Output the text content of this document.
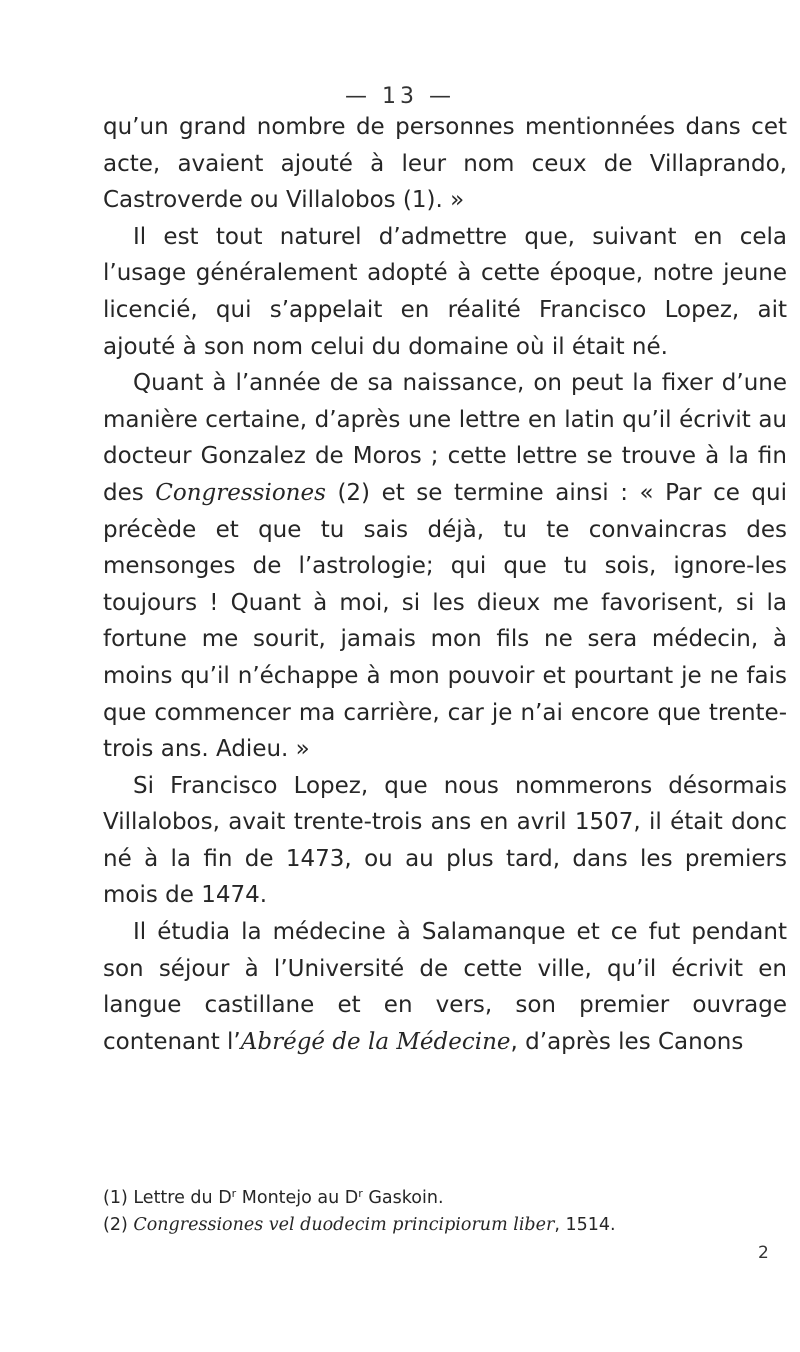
— 13 —

qu’un grand nombre de personnes mentionnées dans cet acte, avaient ajouté à leur nom ceux de Villaprando, Castroverde ou Villalobos (1). »

Il est tout naturel d’admettre que, suivant en cela l’usage généralement adopté à cette époque, notre jeune licencié, qui s’appelait en réalité Francisco Lopez, ait ajouté à son nom celui du domaine où il était né.

Quant à l’année de sa naissance, on peut la fixer d’une manière certaine, d’après une lettre en latin qu’il écrivit au docteur Gonzalez de Moros ; cette lettre se trouve à la fin des Congressiones (2) et se termine ainsi : « Par ce qui précède et que tu sais déjà, tu te convaincras des mensonges de l’astrologie; qui que tu sois, ignore-les toujours ! Quant à moi, si les dieux me favorisent, si la fortune me sourit, jamais mon fils ne sera médecin, à moins qu’il n’échappe à mon pouvoir et pourtant je ne fais que commencer ma carrière, car je n’ai encore que trente-trois ans. Adieu. »

Si Francisco Lopez, que nous nommerons désormais Villalobos, avait trente-trois ans en avril 1507, il était donc né à la fin de 1473, ou au plus tard, dans les premiers mois de 1474.

Il étudia la médecine à Salamanque et ce fut pendant son séjour à l’Université de cette ville, qu’il écrivit en langue castillane et en vers, son premier ouvrage contenant l’Abrégé de la Médecine, d’après les Canons

(1) Lettre du $D^r$ Montejo au $D^r$ Gaskoin.

(2) Congressiones vel duodecim principiorum liber, 1514.

2
